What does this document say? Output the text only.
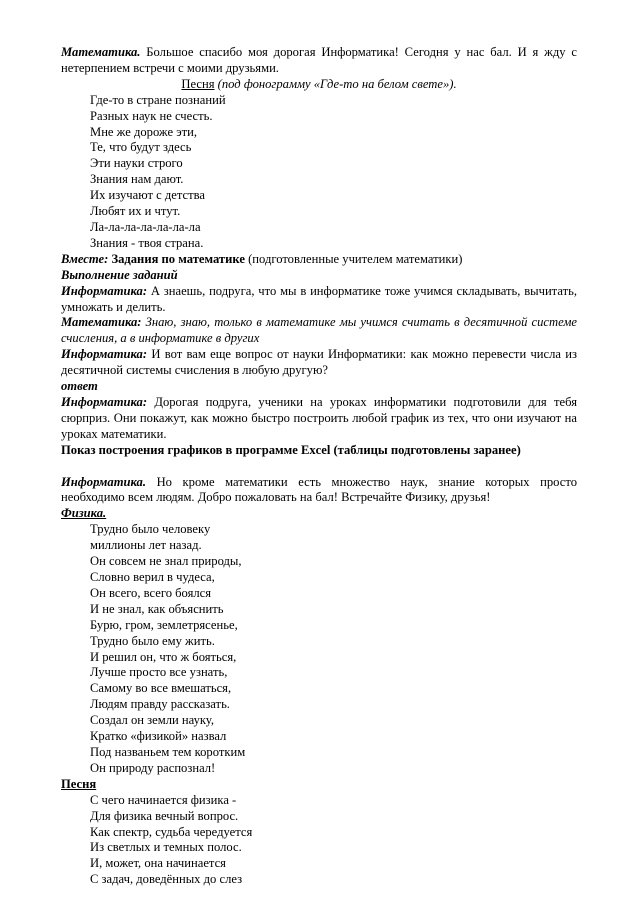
Математика. Большое спасибо моя дорогая Информатика! Сегодня у нас бал. И я жду с нетерпением встречи с моими друзьями.

Песня (под фонограмму «Где-то на белом свете»).

Где-то в стране познаний

Разных наук не счесть.

Мне же дороже эти,

Те, что будут здесь

Эти науки строго

Знания нам дают.

Их изучают с детства

Любят их и чтут.

Ла-ла-ла-ла-ла-ла-ла

Знания - твоя страна.

Вместе: Задания по математике (подготовленные учителем математики)

Выполнение заданий

Информатика: А знаешь, подруга, что мы в информатике тоже учимся складывать, вычитать, умножать и делить.

Математика: Знаю, знаю, только в математике мы учимся считать в десятичной системе счисления, а в информатике в других

Информатика: И вот вам еще вопрос от науки Информатики: как можно перевести числа из десятичной системы счисления в любую другую?

ответ

Информатика: Дорогая подруга, ученики на уроках информатики подготовили для тебя сюрприз. Они покажут, как можно быстро построить любой график из тех, что они изучают на уроках математики.

Показ построения графиков в программе Excel (таблицы подготовлены заранее)

Информатика. Но кроме математики есть множество наук, знание которых просто необходимо всем людям. Добро пожаловать на бал! Встречайте Физику, друзья!

Физика.

Трудно было человеку

миллионы лет назад.

Он совсем не знал природы,

Словно верил в чудеса,

Он всего, всего боялся

И не знал, как объяснить

Бурю, гром, землетрясенье,

Трудно было ему жить.

И решил он, что ж бояться,

Лучше просто все узнать,

Самому во все вмешаться,

Людям правду рассказать.

Создал он земли науку,

Кратко «физикой» назвал

Под названьем тем коротким

Он природу распознал!

Песня

С чего начинается физика -

Для физика вечный вопрос.

Как спектр, судьба чередуется

Из светлых и темных полос.

И, может, она начинается

С задач, доведённых до слез
